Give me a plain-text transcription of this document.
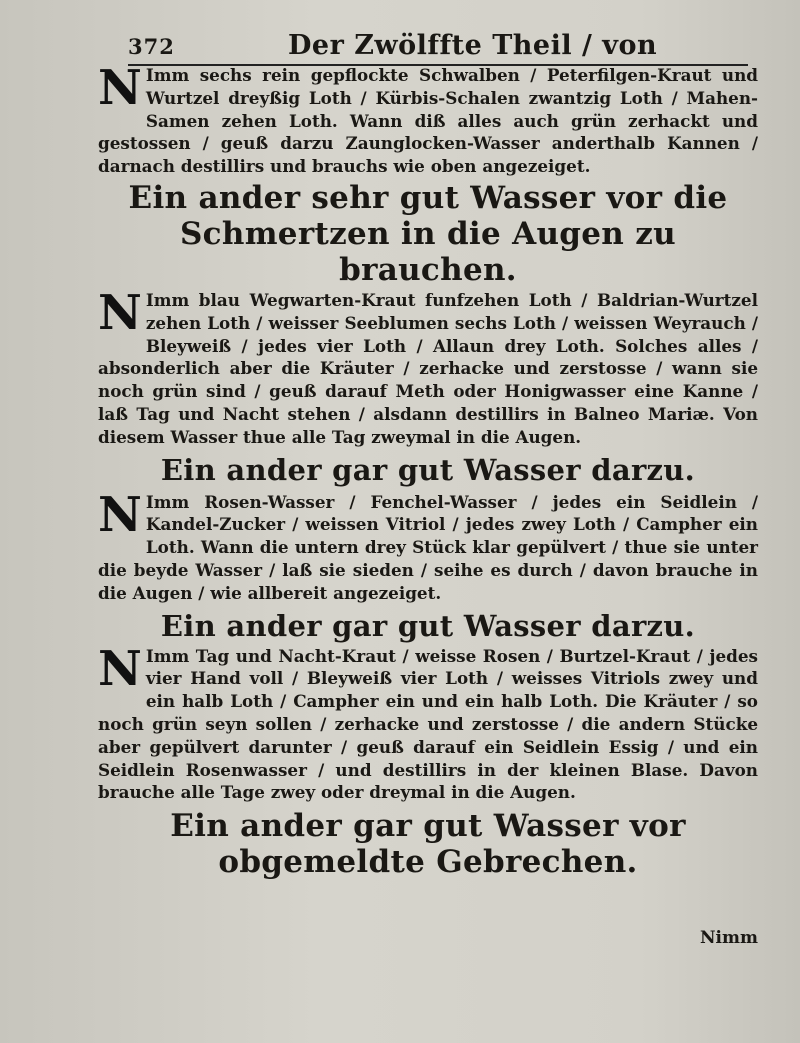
372	Der Zwölffte Theil / von
N Imm sechs rein gepflockte Schwalben / Peterfilgen-Kraut und Wurtzel dreyßig Loth / Kürbis-Schalen zwantzig Loth / Mahen-Samen zehen Loth. Wann diß alles auch grün zerhackt und gestossen / geuß darzu Zaunglocken-Wasser anderthalb Kannen / darnach destillirs und brauchs wie oben angezeiget.
Ein ander sehr gut Wasser vor die Schmertzen in die Augen zu brauchen.
N Imm blau Wegwarten-Kraut funfzehen Loth / Baldrian-Wurtzel zehen Loth / weisser Seeblumen sechs Loth / weissen Weyrauch / Bleyweiß / jedes vier Loth / Allaun drey Loth. Solches alles / absonderlich aber die Kräuter / zerhacke und zerstosse / wann sie noch grün sind / geuß darauf Meth oder Honigwasser eine Kanne / laß Tag und Nacht stehen / alsdann destillirs in Balneo Mariæ. Von diesem Wasser thue alle Tag zweymal in die Augen.
Ein ander gar gut Wasser darzu.
N Imm Rosen-Wasser / Fenchel-Wasser / jedes ein Seidlein / Kandel-Zucker / weissen Vitriol / jedes zwey Loth / Campher ein Loth. Wann die untern drey Stück klar gepülvert / thue sie unter die beyde Wasser / laß sie sieden / seihe es durch / davon brauche in die Augen / wie allbereit angezeiget.
Ein ander gar gut Wasser darzu.
N Imm Tag und Nacht-Kraut / weisse Rosen / Burtzel-Kraut / jedes vier Hand voll / Bleyweiß vier Loth / weisses Vitriols zwey und ein halb Loth / Campher ein und ein halb Loth. Die Kräuter / so noch grün seyn sollen / zerhacke und zerstosse / die andern Stücke aber gepülvert darunter / geuß darauf ein Seidlein Essig / und ein Seidlein Rosenwasser / und destillirs in der kleinen Blase. Davon brauche alle Tage zwey oder dreymal in die Augen.
Ein ander gar gut Wasser vor obgemeldte Gebrechen.
Nimm
